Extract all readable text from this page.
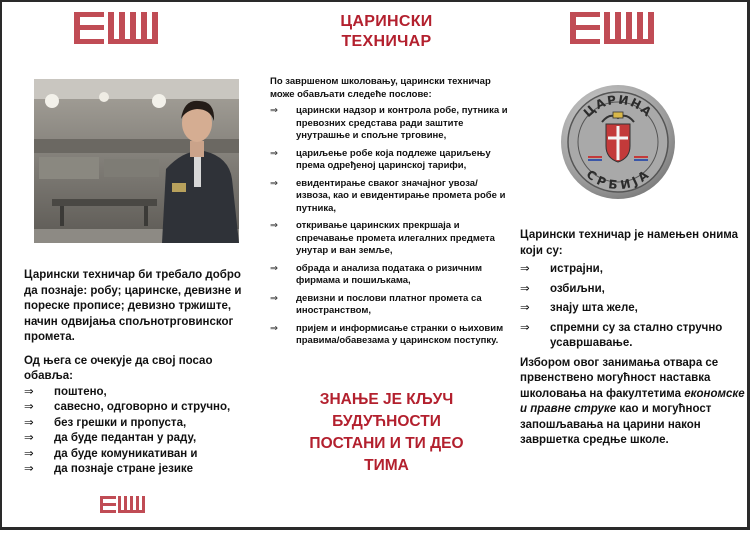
Царински техничар би требало добро да познаје: робу; царинске, девизне и пореске прописе; девизно тржиште, начин одвијања спољнотрговинског промета.

Од њега се очекује да свој посао обавља:

⇒ поштено,
⇒ савесно, одговорно и стручно,
⇒ без грешки и пропуста,
⇒ да буде педантан у раду,
⇒ да буде комуникативан и
⇒ да познаје стране језике
ЦАРИНСКИ
ТЕХНИЧАР

По завршеном школовању, царински техничар може обављати следеће послове:

⇒ царински надзор и контрола робе, путника и превозних средстава ради заштите унутрашње и спољне трговине,
⇒ цариљење робе која подлеже цариљењу према одређеној царинској тарифи,
⇒ евидентирање сваког значајног увоза/ извоза, као и евидентирање промета робе и путника,
⇒ откривање царинских прекршаја и спречавање промета илегалних предмета унутар и ван земље,
⇒ обрада и анализа података о ризичним фирмама и пошиљкама,
⇒ девизни и послови платног промета са иностранством,
⇒ пријем и информисање странки о њиховим правима/обавезама у царинском поступку.
ЗНАЊЕ ЈЕ КЉУЧ
БУДУЋНОСТИ
ПОСТАНИ И ТИ ДЕО
ТИМА
ЦАРИНА
СРБИЈА

Царински техничар је намењен онима који су:

⇒ истрајни,
⇒ озбиљни,
⇒ знају шта желе,
⇒ спремни су за стално стручно усавршавање.

Избором овог занимања отвара се првенствено могућност наставка школовања на факултетима економске и правне струке као и могућност запошљавања на царини након завршетка средње школе.
